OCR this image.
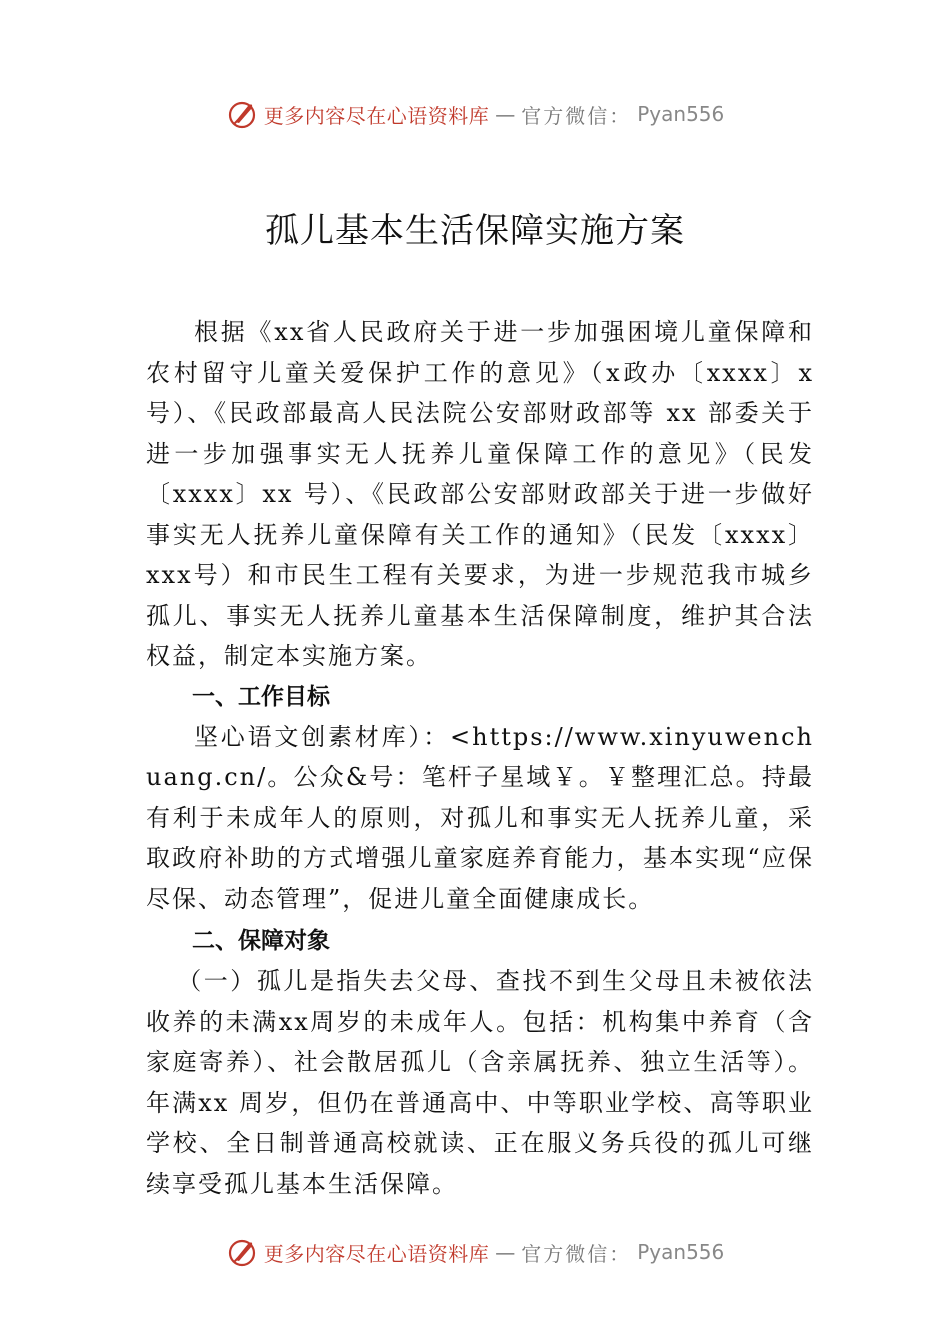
更多内容尽在心语资料库 — 官方微信： Pyan556
孤儿基本生活保障实施方案

根据《xx省人民政府关于进一步加强困境儿童保障和农村留守儿童关爱保护工作的意见》（x政办〔xxxx〕x号）、《民政部最高人民法院公安部财政部等 xx 部委关于进一步加强事实无人抚养儿童保障工作的意见》（民发〔xxxx〕xx 号）、《民政部公安部财政部关于进一步做好事实无人抚养儿童保障有关工作的通知》（民发〔xxxx〕xxx号）和市民生工程有关要求，为进一步规范我市城乡孤儿、事实无人抚养儿童基本生活保障制度，维护其合法权益，制定本实施方案。

一、工作目标

坚心语文创素材库）：<https://www.xinyuwenchuang.cn/。公众&号：笔杆子星域￥。￥整理汇总。持最有利于未成年人的原则，对孤儿和事实无人抚养儿童，采取政府补助的方式增强儿童家庭养育能力，基本实现“应保尽保、动态管理”，促进儿童全面健康成长。

二、保障对象

（一）孤儿是指失去父母、查找不到生父母且未被依法收养的未满xx周岁的未成年人。包括：机构集中养育（含家庭寄养）、社会散居孤儿（含亲属抚养、独立生活等）。年满xx 周岁，但仍在普通高中、中等职业学校、高等职业学校、全日制普通高校就读、正在服义务兵役的孤儿可继续享受孤儿基本生活保障。

更多内容尽在心语资料库 — 官方微信： Pyan556
